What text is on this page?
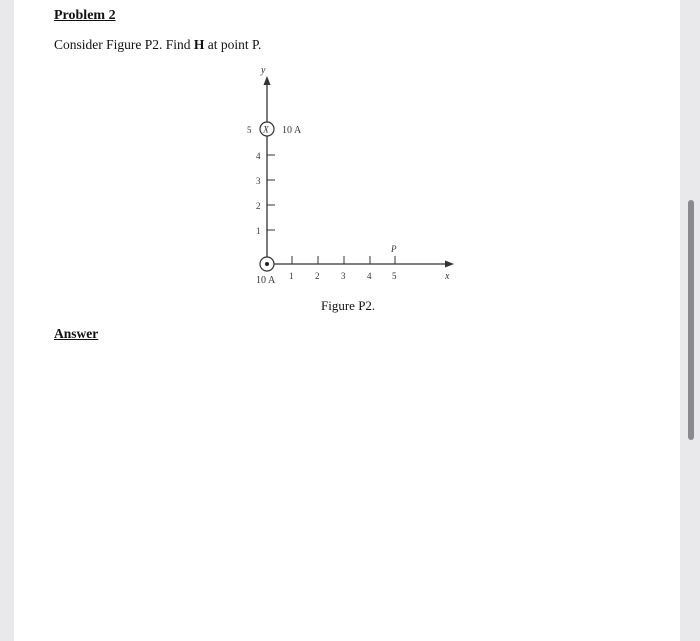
Problem 2
Consider Figure P2. Find H at point P.
y
x
1
2
3
4
5
1 2 3 4 5
P
X 10 A
10 A
Figure P2.
Answer
